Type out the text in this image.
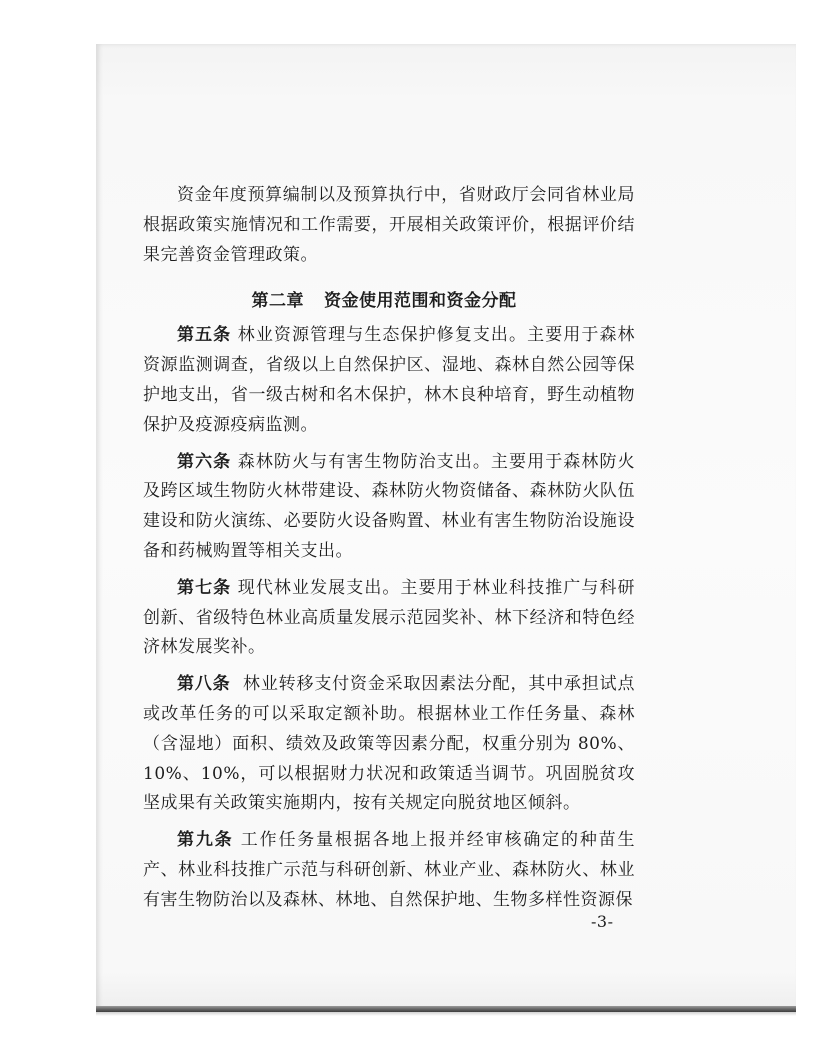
资金年度预算编制以及预算执行中，省财政厅会同省林业局根据政策实施情况和工作需要，开展相关政策评价，根据评价结果完善资金管理政策。

第二章 资金使用范围和资金分配

第五条 林业资源管理与生态保护修复支出。主要用于森林资源监测调查，省级以上自然保护区、湿地、森林自然公园等保护地支出，省一级古树和名木保护，林木良种培育，野生动植物保护及疫源疫病监测。

第六条 森林防火与有害生物防治支出。主要用于森林防火及跨区域生物防火林带建设、森林防火物资储备、森林防火队伍建设和防火演练、必要防火设备购置、林业有害生物防治设施设备和药械购置等相关支出。

第七条 现代林业发展支出。主要用于林业科技推广与科研创新、省级特色林业高质量发展示范园奖补、林下经济和特色经济林发展奖补。

第八条 林业转移支付资金采取因素法分配，其中承担试点或改革任务的可以采取定额补助。根据林业工作任务量、森林（含湿地）面积、绩效及政策等因素分配，权重分别为 80%、10%、10%，可以根据财力状况和政策适当调节。巩固脱贫攻坚成果有关政策实施期内，按有关规定向脱贫地区倾斜。

第九条 工作任务量根据各地上报并经审核确定的种苗生产、林业科技推广示范与科研创新、林业产业、森林防火、林业有害生物防治以及森林、林地、自然保护地、生物多样性资源保

-3-
